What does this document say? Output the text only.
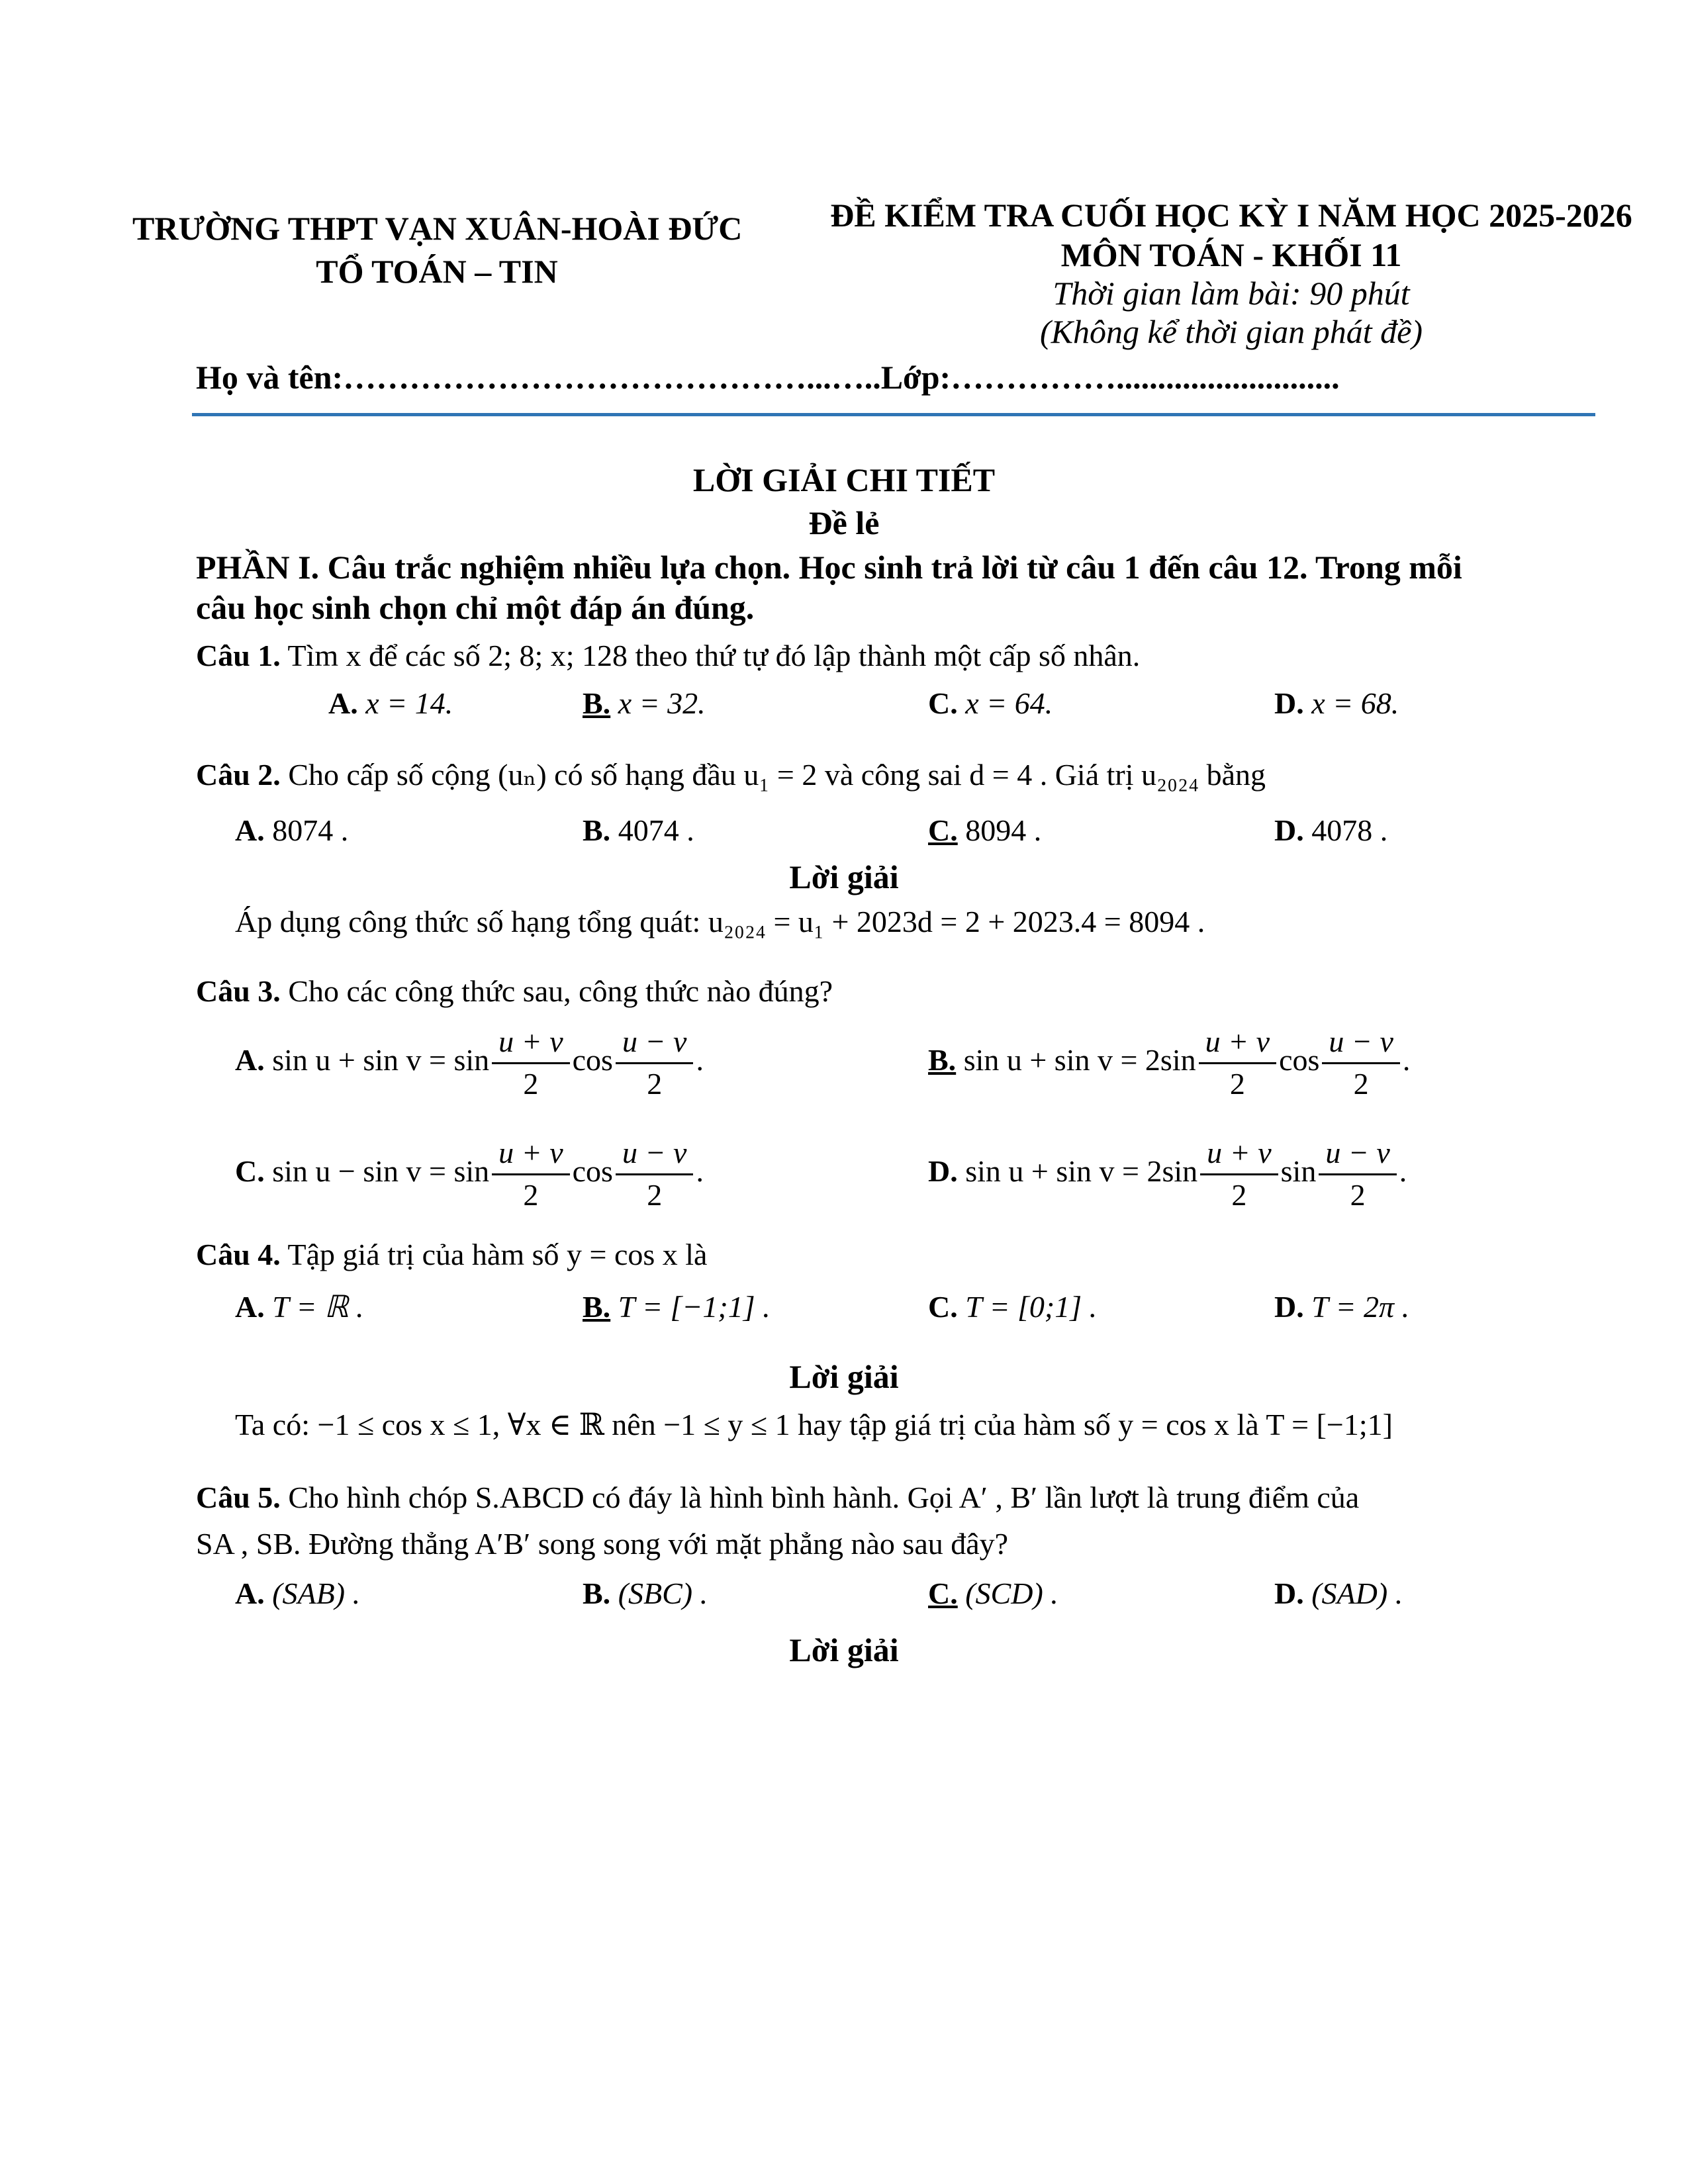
TRƯỜNG THPT VẠN XUÂN-HOÀI ĐỨC
TỔ TOÁN – TIN
ĐỀ KIỂM TRA CUỐI HỌC KỲ I NĂM HỌC 2025-2026
MÔN TOÁN - KHỐI 11
Thời gian làm bài: 90 phút
(Không kể thời gian phát đề)
Họ và tên:……………………………………...…..Lớp:……………...........................
LỜI GIẢI CHI TIẾT
Đề lẻ
PHẦN I. Câu trắc nghiệm nhiều lựa chọn. Học sinh trả lời từ câu 1 đến câu 12. Trong mỗi
câu học sinh chọn chỉ một đáp án đúng.
Câu 1. Tìm x để các số 2; 8; x; 128 theo thứ tự đó lập thành một cấp số nhân.
A. x = 14.	B. x = 32.	C. x = 64.	D. x = 68.
Câu 2. Cho cấp số cộng (uₙ) có số hạng đầu u₁ = 2 và công sai d = 4 . Giá trị u₂₀₂₄ bằng
A. 8074 .	B. 4074 .	C. 8094 .	D. 4078 .
Lời giải
Áp dụng công thức số hạng tổng quát: u₂₀₂₄ = u₁ + 2023d = 2 + 2023.4 = 8094 .
Câu 3. Cho các công thức sau, công thức nào đúng?
A. $\sin u + \sin v = \sin \frac{u + v}{2}$ $\cos \frac{u - v}{2}$ .	B. $\sin u + \sin v = 2\sin \frac{u + v}{2}$ $\cos \frac{u - v}{2}$ .
C. $\sin u - \sin v = \sin \frac{u + v}{2}$ $\cos \frac{u - v}{2}$ .	D. $\sin u + \sin v = 2\sin \frac{u + v}{2}$ $\sin \frac{u - v}{2}$ .
Câu 4. Tập giá trị của hàm số y = cos x là
A. T = ℝ .	B. T = [−1;1] .	C. T = [0;1] .	D. T = 2π .
Lời giải
Ta có: −1 ≤ cos x ≤ 1, ∀x ∈ ℝ nên −1 ≤ y ≤ 1 hay tập giá trị của hàm số y = cos x là T = [−1;1]
Câu 5. Cho hình chóp S.ABCD có đáy là hình bình hành. Gọi A′ , B′ lần lượt là trung điểm của
SA , SB. Đường thẳng A′B′ song song với mặt phẳng nào sau đây?
A. (SAB) .	B. (SBC) .	C. (SCD) .	D. (SAD) .
Lời giải
